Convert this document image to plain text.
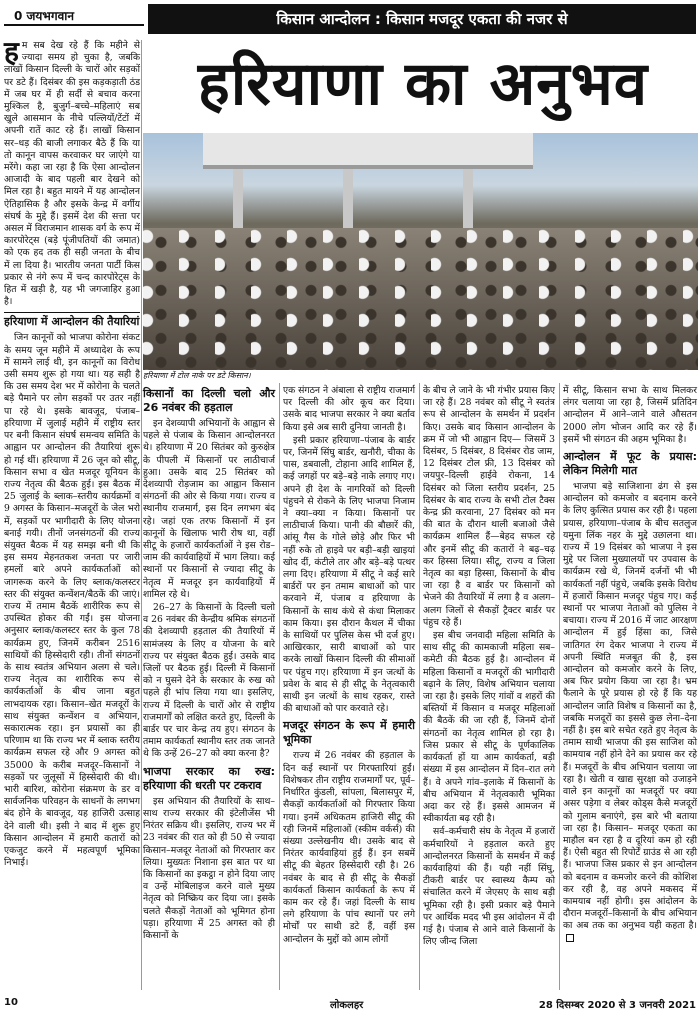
0 जयभगवान	किसान आन्दोलन : किसान मजदूर एकता की नजर से
हरियाणा का अनुभव
हरियाणा में टोल नाके पर डटे किसान।

हम सब देख रहे हैं कि महीने से ज्यादा समय हो चुका है, जबकि लाखों किसान दिल्ली के चारों ओर सड़कों पर डटे हैं। दिसंबर की इस कड़कड़ाती ठंड में जब घर में ही सर्दी से बचाव करना मुश्किल है, बुजुर्ग–बच्चे–महिलाएं सब खुले आसमान के नीचे पल्लियों/टेंटों में अपनी रातें काट रहे हैं। लाखों किसान सर–धड़ की बाजी लगाकर बैठे हैं कि या तो कानून वापस करवाकर घर जाएंगे या मरेंगे। कहा जा रहा है कि ऐसा आन्दोलन आजादी के बाद पहली बार देखने को मिल रहा है। बहुत मायने में यह आन्दोलन ऐतिहासिक है और इसके केन्द्र में वर्गीय संघर्ष के मुद्दे हैं। इसमें देश की सत्ता पर असल में विराजमान शासक वर्ग के रूप में कारपोरेट्स (बड़े पूंजीपतियों की जमात) को एक हद तक ही सही जनता के बीच में ला दिया है। भारतीय जनता पार्टी किस प्रकार से नंगे रूप में चन्द कारपोरेट्स के हित में खड़ी है, यह भी जगजाहिर हुआ है।

हरियाणा में आन्दोलन की तैयारियां

जिन कानूनों को भाजपा कोरोना संकट के समय जून महीने में अध्यादेश के रूप में सामने लाई थी, इन कानूनों का विरोध उसी समय शुरू हो गया था। यह सही है कि उस समय देश भर में कोरोना के चलते बड़े पैमाने पर लोग सड़कों पर उतर नहीं पा रहे थे। इसके बावजूद, पंजाब–हरियाणा में जुलाई महीने में राष्ट्रीय स्तर पर बनी किसान संघर्ष समन्वय समिति के आह्वान पर आन्दोलन की तैयारियां शुरू हो गई थीं। हरियाणा में 26 जून को सीटू, किसान सभा व खेत मजदूर यूनियन के राज्य नेतृत्व की बैठक हुई। इस बैठक में 25 जुलाई के ब्लाक–स्तरीय कार्यक्रमों व 9 अगस्त के किसान–मजदूरों के जेल भरो में, सड़कों पर भागीदारी के लिए योजना बनाई गयी। तीनों जनसंगठनों की राज्य संयुक्त बैठक में यह समझ बनी थी कि इस समय मेहनतकश जनता पर जारी हमलों बारे अपने कार्यकर्ताओं को जागरूक करने के लिए ब्लाक/कलस्टर स्तर की संयुक्त कन्वेंशन/बैठकें की जाएं। राज्य में तमाम बैठकें शारीरिक रूप से उपस्थित होकर की गईं। इस योजना अनुसार ब्लाक/कलस्टर स्तर के कुल 78 कार्यक्रम हुए, जिनमें करीबन 2516 साथियों की हिस्सेदारी रही। तीनों संगठनों के साथ स्वतंत्र अभियान अलग से चले। राज्य नेतृत्व का शारीरिक रूप से कार्यकर्ताओं के बीच जाना बहुत लाभदायक रहा। किसान–खेत मजदूरों के साथ संयुक्त कन्वेंशन व अभियान, सकारात्मक रहा। इन प्रयासों का ही परिणाम था कि राज्य भर में ब्लाक स्तरीय कार्यक्रम सफल रहे और 9 अगस्त को 35000 के करीब मजदूर–किसानों ने सड़कों पर जुलूसों में हिस्सेदारी की थी। भारी बारिश, कोरोना संक्रमण के डर व सार्वजनिक परिवहन के साधनों के लगभग बंद होने के बावजूद, यह हाजिरी उत्साह देने वाली थी। इसी ने बाद में शुरू हुए किसान आन्दोलन में हमारी कतारों को एकजुट करने में महत्वपूर्ण भूमिका निभाई।

किसानों का दिल्ली चलो और 26 नवंबर की हड़ताल

इन देशव्यापी अभियानों के आह्वान से पहले से पंजाब के किसान आन्दोलनरत थे। हरियाणा में 20 सितंबर को कुरुक्षेत्र के पीपली में किसानों पर लाठीचार्ज हुआ। उसके बाद 25 सितंबर को देशव्यापी रोड़जाम का आह्वान किसान संगठनों की ओर से किया गया। राज्य व स्थानीय राजमार्ग, इस दिन लगभग बंद रहे। जहां एक तरफ किसानों में इन कानूनों के खिलाफ भारी रोष था, वहीं सीटू के हजारों कार्यकर्ताओं ने इस रोड–जाम की कार्यवाहियों में भाग लिया। कई स्थानों पर किसानों से ज्यादा सीटू के नेतृत्व में मजदूर इन कार्यवाहियों में शामिल रहे थे।

26–27 के किसानों के दिल्ली चलो व 26 नवंबर की केन्द्रीय श्रमिक संगठनों की देशव्यापी हड़ताल की तैयारियों में सामंजस्य के लिए व योजना के बारे राज्य पर संयुक्त बैठक हुई। उसके बाद जिलों पर बैठक हुई। दिल्ली में किसानों को न घुसने देने के सरकार के रुख को पहले ही भांप लिया गया था। इसलिए, राज्य में दिल्ली के चारों ओर से राष्ट्रीय राजमार्गों को लक्षित करते हुए, दिल्ली के बार्डर पर चार केन्द्र तय हुए। संगठन के तमाम कार्यकर्ता स्थानीय स्तर तक जानते थे कि उन्हें 26–27 को क्या करना है?

भाजपा सरकार का रुख: हरियाणा की धरती पर टकराव

इस अभियान की तैयारियों के साथ–साथ राज्य सरकार की इंटेलीजेंस भी निरंतर सक्रिय थी। इसलिए, राज्य भर में 23 नवंबर की रात को ही 50 से ज्यादा किसान–मजदूर नेताओं को गिरफ्तार कर लिया। मुख्यतः निशाना इस बात पर था कि किसानों का इकट्ठा न होने दिया जाए व उन्हें मोबिलाइज करने वाले मुख्य नेतृत्व को निष्क्रिय कर दिया जा। इसके चलते सैकड़ों नेताओं को भूमिगत होना पड़ा। हरियाणा में 25 अगस्त को ही किसानों के

एक संगठन ने अंबाला से राष्ट्रीय राजमार्ग पर दिल्ली की ओर कूच कर दिया। उसके बाद भाजपा सरकार ने क्या बर्ताव किया इसे अब सारी दुनिया जानती है।

इसी प्रकार हरियाणा–पंजाब के बार्डर पर, जिनमें सिंघु बार्डर, खनौरी, चीका के पास, डबवाली, टोहाना आदि शामिल हैं, कई जगहों पर बड़े–बड़े नाके लगाए गए। अपने ही देश के नागरिकों को दिल्ली पंहुचने से रोकने के लिए भाजपा निजाम ने क्या–क्या न किया। किसानों पर लाठीचार्ज किया। पानी की बौछारें की, आंसू गैस के गोले छोड़े और फिर भी नहीं रुके तो हाइवे पर बड़ी–बड़ी खाइयां खोद दीं, कंटीले तार और बड़े–बड़े पत्थर लगा दिए। हरियाणा में सीटू ने कई सारे बार्डरों पर इन तमाम बाधाओं को पार करवाने में, पंजाब व हरियाणा के किसानों के साथ कंधे से कंधा मिलाकर काम किया। इस दौरान कैथल में चीका के साथियों पर पुलिस केस भी दर्ज हुए। आखिरकार, सारी बाधाओं को पार करके लाखों किसान दिल्ली की सीमाओं पर पंहुच गए। हरियाणा में इन जत्थों के प्रवेश के बाद से ही सीटू के नेतृत्वकारी साथी इन जत्थों के साथ रहकर, रास्ते की बाधाओं को पार करवाते रहे।

मजदूर संगठन के रूप में हमारी भूमिका

राज्य में 26 नवंबर की हड़ताल के दिन कई स्थानों पर गिरफ्तारियां हुईं। विशेषकर तीन राष्ट्रीय राजमार्गों पर, पूर्व–निर्धारित कुंडली, सांपला, बिलासपुर में, सैकड़ों कार्यकर्ताओं को गिरफ्तार किया गया। इनमें अधिकतम हाजिरी सीटू की रही जिनमें महिलाओं (स्कीम वर्कर्स) की संख्या उल्लेखनीय थी। उसके बाद से निरंतर कार्यवाहियां हुई हैं। इन सबमें सीटू की बेहतर हिस्सेदारी रही है। 26 नवंबर के बाद से ही सीटू के सैकड़ों कार्यकर्ता किसान कार्यकर्ता के रूप में काम कर रहे हैं। जहां दिल्ली के साथ लगे हरियाणा के पांच स्थानों पर लगे मोर्चों पर साथी डटे हैं, वहीं इस आन्दोलन के मुद्दों को आम लोगों

के बीच ले जाने के भी गंभीर प्रयास किए जा रहे हैं। 28 नवंबर को सीटू ने स्वतंत्र रूप से आन्दोलन के समर्थन में प्रदर्शन किए। उसके बाद किसान आन्दोलन के क्रम में जो भी आह्वान दिए— जिसमें 3 दिसंबर, 5 दिसंबर, 8 दिसंबर रोड जाम, 12 दिसंबर टोल फ्री, 13 दिसंबर को जयपुर–दिल्ली हाईवे रोकना, 14 दिसंबर को जिला स्तरीय प्रदर्शन, 25 दिसंबर के बाद राज्य के सभी टोल टैक्स केन्द्र फ्री करवाना, 27 दिसंबर को मन की बात के दौरान थाली बजाओ जैसे कार्यक्रम शामिल हैं—बेहद सफल रहे और इनमें सीटू की कतारों ने बढ़–चढ़ कर हिस्सा लिया। सीटू, राज्य व जिला नेतृत्व का बड़ा हिस्सा, किसानों के बीच जा रहा है व बार्डर पर किसानों को भेजने की तैयारियों में लगा है व अलग–अलग जिलों से सैकड़ों ट्रैक्टर बार्डर पर पंहुच रहे हैं।

इस बीच जनवादी महिला समिति के साथ सीटू की कामकाजी महिला सब–कमेटी की बैठक हुई है। आन्दोलन में महिला किसानों व मजदूरों की भागीदारी बढ़ाने के लिए, विशेष अभियान चलाया जा रहा है। इसके लिए गांवों व शहरों की बस्तियों में किसान व मजदूर महिलाओं की बैठकें की जा रही हैं, जिनमें दोनों संगठनों का नेतृत्व शामिल हो रहा है। जिस प्रकार से सीटू के पूर्णकालिक कार्यकर्ता हों या आम कार्यकर्ता, बड़ी संख्या में इस आन्दोलन में दिन–रात लगे हैं। वे अपने गांव–इलाके में किसानों के बीच अभियान में नेतृत्वकारी भूमिका अदा कर रहे हैं। इससे आमजन में स्वीकार्यता बढ़ रही है।

सर्व–कर्मचारी संघ के नेतृत्व में हजारों कर्मचारियों ने हड़ताल करते हुए आन्दोलनरत किसानों के समर्थन में कई कार्यवाहियां की हैं। यही नहीं सिंघु, टीकरी बार्डर पर स्वास्थ्य कैम्प को संचालित करने में जेएसए के साथ बड़ी भूमिका रही है। इसी प्रकार बड़े पैमाने पर आर्थिक मदद भी इस आंदोलन में दी गई है। पंजाब से आने वाले किसानों के लिए जीन्द जिला

में सीटू, किसान सभा के साथ मिलकर लंगर चलाया जा रहा है, जिसमें प्रतिदिन आन्दोलन में आने–जाने वाले औसतन 2000 लोग भोजन आदि कर रहे हैं। इसमें भी संगठन की अहम भूमिका है।

आन्दोलन में फूट के प्रयास: लेकिन मिलेगी मात

भाजपा बड़े साजिशाना ढंग से इस आन्दोलन को कमजोर व बदनाम करने के लिए कुत्सित प्रयास कर रही है। पहला प्रयास, हरियाणा–पंजाब के बीच सतलुज यमुना लिंक नहर के मुद्दे उछालना था। राज्य में 19 दिसंबर को भाजपा ने इस मुद्दे पर जिला मुख्यालयों पर उपवास के कार्यक्रम रखे थे, जिनमें दर्जनों भी भी कार्यकर्ता नहीं पंहुचे, जबकि इसके विरोध में हजारों किसान मजदूर पंहुच गए। कई स्थानों पर भाजपा नेताओं को पुलिस ने बचाया। राज्य में 2016 में जाट आरक्षण आन्दोलन में हुई हिंसा का, जिसे जातिगत रंग देकर भाजपा ने राज्य में अपनी स्थिति मजबूत की है, इस आन्दोलन को कमजोर करने के लिए, अब फिर प्रयोग किया जा रहा है। भ्रम फैलाने के पूरे प्रयास हो रहे हैं कि यह आन्दोलन जाति विशेष व किसानों का है, जबकि मजदूरों का इससे कुछ लेना–देना नहीं है। इस बारे सचेत रहते हुए नेतृत्व के तमाम साथी भाजपा की इस साजिश को कामयाब नहीं होने देने का प्रयास कर रहे हैं। मजदूरों के बीच अभियान चलाया जा रहा है। खेती व खाद्य सुरक्षा को उजाड़ने वाले इन कानूनों का मजदूरों पर क्या असर पड़ेगा व लेबर कोड्स कैसे मजदूरों को गुलाम बनाएंगे, इस बारे भी बताया जा रहा है। किसान– मजदूर एकता का माहौल बन रहा है व दूरियां कम हो रही हैं। ऐसी बहुत सी रिपोर्टें ग्राउंड से आ रही हैं। भाजपा जिस प्रकार से इन आन्दोलन को बदनाम व कमजोर करने की कोशिश कर रही है, वह अपने मकसद में कामयाब नहीं होगी। इस आंदोलन के दौरान मजदूरों–किसानों के बीच अभियान का अब तक का अनुभव यही कहता है।

10	लोकलहर	28 दिसम्बर 2020 से 3 जनवरी 2021
